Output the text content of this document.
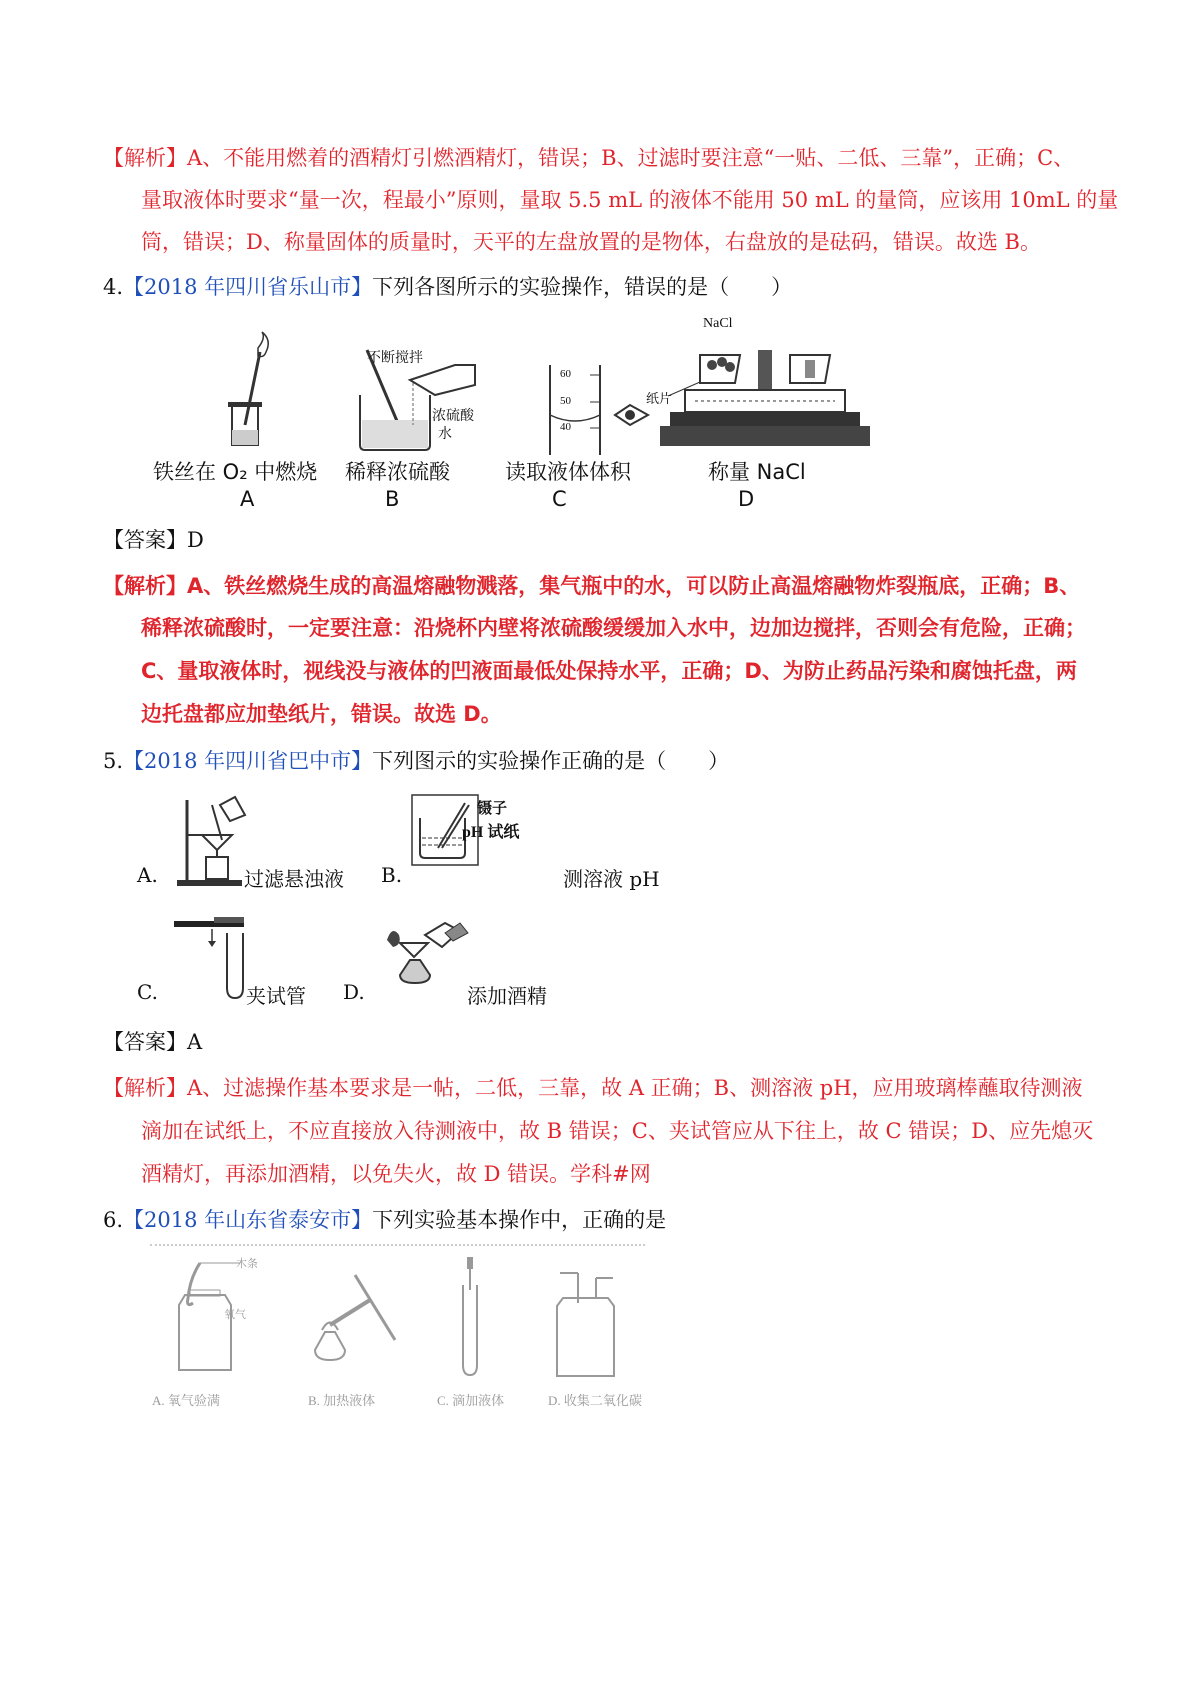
【解析】A、不能用燃着的酒精灯引燃酒精灯，错误；B、过滤时要注意“一贴、二低、三靠”，正确；C、
量取液体时要求“量一次，程最小”原则，量取 5.5 mL 的液体不能用 50 mL 的量筒，应该用 10mL 的量
筒，错误；D、称量固体的质量时，天平的左盘放置的是物体，右盘放的是砝码，错误。故选 B。
4.【2018 年四川省乐山市】下列各图所示的实验操作，错误的是（　　）
不断搅拌
浓硫酸
水
60
50
40
NaCl
纸片
铁丝在 O₂ 中燃烧 稀释浓硫酸	读取液体体积	称量 NaCl
A	B	C	D
【答案】D
【解析】A、铁丝燃烧生成的高温熔融物溅落，集气瓶中的水，可以防止高温熔融物炸裂瓶底，正确；B、
稀释浓硫酸时，一定要注意：沿烧杯内壁将浓硫酸缓缓加入水中，边加边搅拌，否则会有危险，正确；
C、量取液体时，视线没与液体的凹液面最低处保持水平，正确；D、为防止药品污染和腐蚀托盘，两
边托盘都应加垫纸片，错误。故选 D。
5.【2018 年四川省巴中市】下列图示的实验操作正确的是（　　）
A.	过滤悬浊液
镊子
pH 试纸
B.	测溶液 pH
C.	夹试管 D.	添加酒精
【答案】A
【解析】A、过滤操作基本要求是一帖，二低，三靠，故 A 正确；B、测溶液 pH，应用玻璃棒蘸取待测液
滴加在试纸上，不应直接放入待测液中，故 B 错误；C、夹试管应从下往上，故 C 错误；D、应先熄灭
酒精灯，再添加酒精，以免失火，故 D 错误。学科#网
6.【2018 年山东省泰安市】下列实验基本操作中，正确的是
木条
氧气
A. 氧气验满	B. 加热液体	C. 滴加液体	D. 收集二氧化碳
